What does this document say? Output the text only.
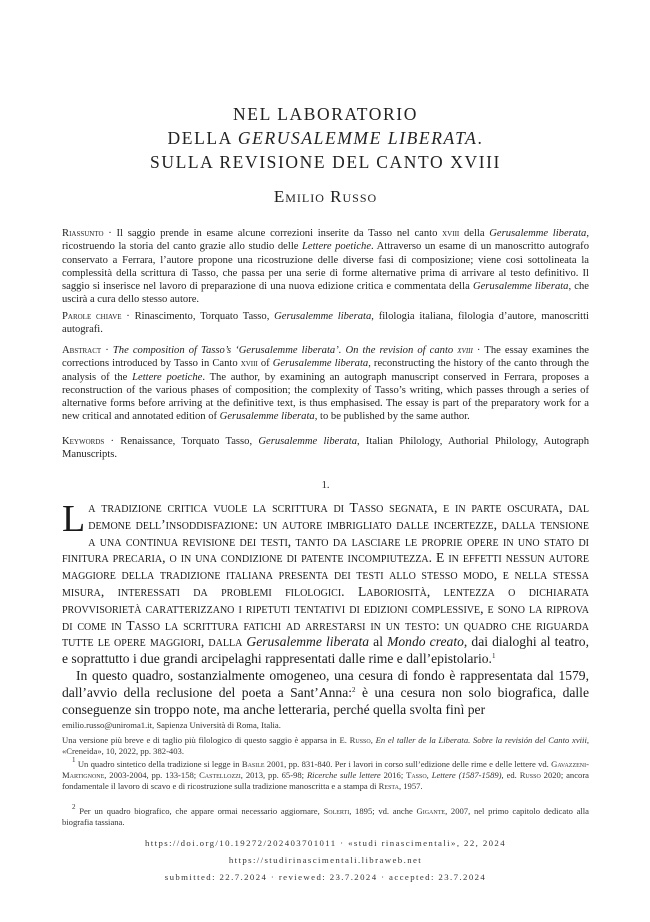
NEL LABORATORIO
DELLA GERUSALEMME LIBERATA.
SULLA REVISIONE DEL CANTO XVIII
Emilio Russo
Riassunto · Il saggio prende in esame alcune correzioni inserite da Tasso nel canto xviii della Gerusalemme liberata, ricostruendo la storia del canto grazie allo studio delle Lettere poetiche. Attraverso un esame di un manoscritto autografo conservato a Ferrara, l’autore propone una ricostruzione delle diverse fasi di composizione; viene così sottolineata la complessità della scrittura di Tasso, che passa per una serie di forme alternative prima di arrivare al testo definitivo. Il saggio si inserisce nel lavoro di preparazione di una nuova edizione critica e commentata della Gerusalemme liberata, che uscirà a cura dello stesso autore.
Parole chiave · Rinascimento, Torquato Tasso, Gerusalemme liberata, filologia italiana, filologia d’autore, manoscritti autografi.
Abstract · The composition of Tasso’s ‘Gerusalemme liberata’. On the revision of canto xviii · The essay examines the corrections introduced by Tasso in Canto xviii of Gerusalemme liberata, reconstructing the history of the canto through the analysis of the Lettere poetiche. The author, by examining an autograph manuscript conserved in Ferrara, proposes a reconstruction of the various phases of composition; the complexity of Tasso’s writing, which passes through a series of alternative forms before arriving at the definitive text, is thus emphasised. The essay is part of the preparatory work for a new critical and annotated edition of Gerusalemme liberata, to be published by the same author.
Keywords · Renaissance, Torquato Tasso, Gerusalemme liberata, Italian Philology, Authorial Philology, Autograph Manuscripts.
1.

La tradizione critica vuole la scrittura di Tasso segnata, e in parte oscurata, dal demone dell’insoddisfazione: un autore imbrigliato dalle incertezze, dalla tensione a una continua revisione dei testi, tanto da lasciare le proprie opere in uno stato di finitura precaria, o in una condizione di patente incompiutezza. E in effetti nessun autore maggiore della tradizione italiana presenta dei testi allo stesso modo, e nella stessa misura, interessati da problemi filologici. Laboriosità, lentezza o dichiarata provvisorietà caratterizzano i ripetuti tentativi di edizioni complessive, e sono la riprova di come in Tasso la scrittura fatichi ad arrestarsi in un testo: un quadro che riguarda tutte le opere maggiori, dalla Gerusalemme liberata al Mondo creato, dai dialoghi al teatro, e soprattutto i due grandi arcipelaghi rappresentati dalle rime e dall’epistolario.$^1$

In questo quadro, sostanzialmente omogeneo, una cesura di fondo è rappresentata dal 1579, dall’avvio della reclusione del poeta a Sant’Anna:$^2$ è una cesura non solo biografica, dalle conseguenze sin troppo note, ma anche letteraria, perché quella svolta finì per

emilio.russo@uniroma1.it, Sapienza Università di Roma, Italia.
Una versione più breve e di taglio più filologico di questo saggio è apparsa in E. Russo, En el taller de la Liberata. Sobre la revisión del Canto xviii, «Creneida», 10, 2022, pp. 382-403.
$^1$ Un quadro sintetico della tradizione si legge in Basile 2001, pp. 831-840. Per i lavori in corso sull’edizione delle rime e delle lettere vd. Gavazzeni-Martignone, 2003-2004, pp. 133-158; Castellozzi, 2013, pp. 65-98; Ricerche sulle lettere 2016; Tasso, Lettere (1587-1589), ed. Russo 2020; ancora fondamentale il lavoro di scavo e di ricostruzione sulla tradizione manoscritta e a stampa di Resta, 1957.
$^2$ Per un quadro biografico, che appare ormai necessario aggiornare, Solerti, 1895; vd. anche Gigante, 2007, nel primo capitolo dedicato alla biografia tassiana.
https://doi.org/10.19272/202403701011 · «studi rinascimentali», 22, 2024
https://studirinascimentali.libraweb.net
submitted: 22.7.2024 · reviewed: 23.7.2024 · accepted: 23.7.2024
